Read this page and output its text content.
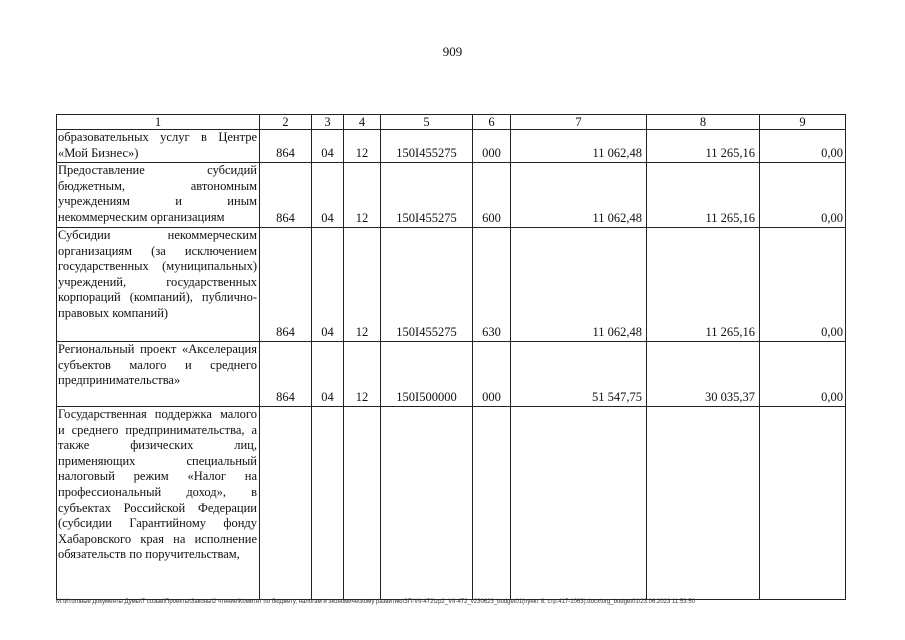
909
1	2	3	4	5	6	7	8	9
образовательных услуг в Центре «Мой Бизнес»)	864	04	12	150I455275	000	11 062,48	11 265,16	0,00
Предоставление субсидий бюджетным, автономным учреждениям и иным некоммерческим организациям	864	04	12	150I455275	600	11 062,48	11 265,16	0,00
Субсидии некоммерческим организациям (за исключением государственных (муниципальных) учреждений, государственных корпораций (компаний), публично-правовых компаний)	864	04	12	150I455275	630	11 062,48	11 265,16	0,00
Региональный проект «Акселерация субъектов малого и среднего предпринимательства»	864	04	12	150I500000	000	51 547,75	30 035,37	0,00
Государственная поддержка малого и среднего предпринимательства, а также физических лиц, применяющих специальный налоговый режим «Налог на профессиональный доход», в субъектах Российской Федерации (субсидии Гарантийному фонду Хабаровского края на исполнение обязательств по поручительствам,								
M:\Итоговые документы Думы\7 созыв\Проекты\Законы\2 чтение\Комитет по бюджету, налогам и экономическому развитию\ЗП-VII-472\zp2_VII-472_v230623_budget01(пункт 8, стр.417-1063).docx\org_budget01\23.06.2023 11:53:50
